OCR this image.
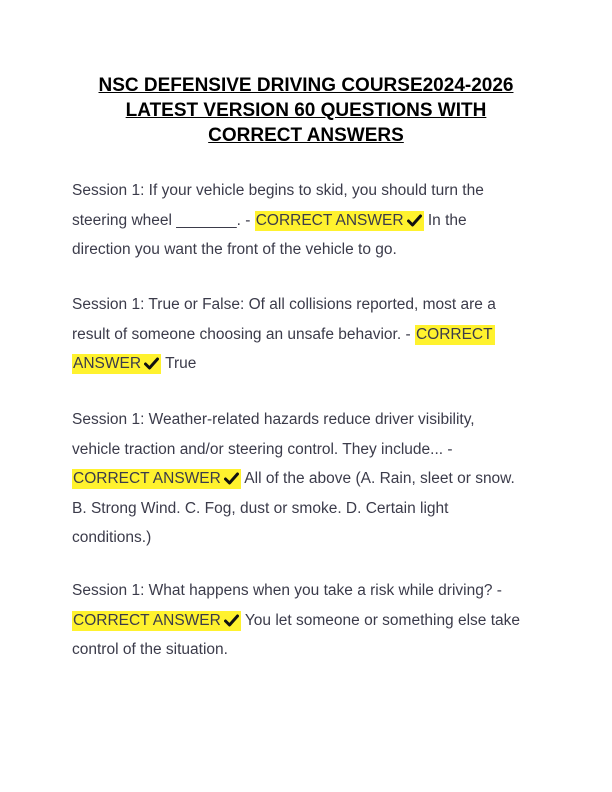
NSC DEFENSIVE DRIVING COURSE2024-2026
LATEST VERSION 60 QUESTIONS WITH
CORRECT ANSWERS

Session 1: If your vehicle begins to skid, you should turn the
steering wheel _______. - CORRECT ANSWER
In the
direction you want the front of the vehicle to go.

Session 1: True or False: Of all collisions reported, most are a
result of someone choosing an unsafe behavior. - CORRECT
ANSWER
True

Session 1: Weather-related hazards reduce driver visibility,
vehicle traction and/or steering control. They include... -
CORRECT ANSWER
All of the above (A. Rain, sleet or snow.
B. Strong Wind. C. Fog, dust or smoke. D. Certain light
conditions.)

Session 1: What happens when you take a risk while driving? -
CORRECT ANSWER
You let someone or something else take
control of the situation.
